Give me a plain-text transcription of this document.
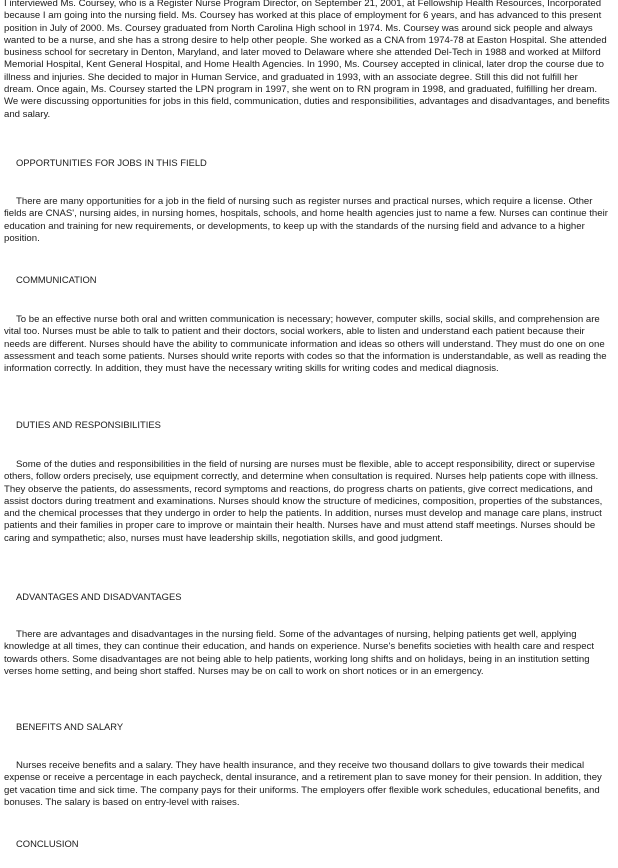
I interviewed Ms. Coursey, who is a Register Nurse Program Director, on September 21, 2001, at Fellowship Health Resources, Incorporated because I am going into the nursing field. Ms. Coursey has worked at this place of employment for 6 years, and has advanced to this present position in July of 2000. Ms. Coursey graduated from North Carolina High school in 1974. Ms. Coursey was around sick people and always wanted to be a nurse, and she has a strong desire to help other people. She worked as a CNA from 1974-78 at Easton Hospital. She attended business school for secretary in Denton, Maryland, and later moved to Delaware where she attended Del-Tech in 1988 and worked at Milford Memorial Hospital, Kent General Hospital, and Home Health Agencies. In 1990, Ms. Coursey accepted in clinical, later drop the course due to illness and injuries. She decided to major in Human Service, and graduated in 1993, with an associate degree. Still this did not fulfill her dream. Once again, Ms. Coursey started the LPN program in 1997, she went on to RN program in 1998, and graduated, fulfilling her dream. We were discussing opportunities for jobs in this field, communication, duties and responsibilities, advantages and disadvantages, and benefits and salary.

OPPORTUNITIES FOR JOBS IN THIS FIELD

There are many opportunities for a job in the field of nursing such as register nurses and practical nurses, which require a license. Other fields are CNAS', nursing aides, in nursing homes, hospitals, schools, and home health agencies just to name a few. Nurses can continue their education and training for new requirements, or developments, to keep up with the standards of the nursing field and advance to a higher position.

COMMUNICATION

To be an effective nurse both oral and written communication is necessary; however, computer skills, social skills, and comprehension are vital too. Nurses must be able to talk to patient and their doctors, social workers, able to listen and understand each patient because their needs are different. Nurses should have the ability to communicate information and ideas so others will understand. They must do one on one assessment and teach some patients. Nurses should write reports with codes so that the information is understandable, as well as reading the information correctly. In addition, they must have the necessary writing skills for writing codes and medical diagnosis.

DUTIES AND RESPONSIBILITIES

Some of the duties and responsibilities in the field of nursing are nurses must be flexible, able to accept responsibility, direct or supervise others, follow orders precisely, use equipment correctly, and determine when consultation is required. Nurses help patients cope with illness. They observe the patients, do assessments, record symptoms and reactions, do progress charts on patients, give correct medications, and assist doctors during treatment and examinations. Nurses should know the structure of medicines, composition, properties of the substances, and the chemical processes that they undergo in order to help the patients. In addition, nurses must develop and manage care plans, instruct patients and their families in proper care to improve or maintain their health. Nurses have and must attend staff meetings. Nurses should be caring and sympathetic; also, nurses must have leadership skills, negotiation skills, and good judgment.

ADVANTAGES AND DISADVANTAGES

There are advantages and disadvantages in the nursing field. Some of the advantages of nursing, helping patients get well, applying knowledge at all times, they can continue their education, and hands on experience. Nurse's benefits societies with health care and respect towards others. Some disadvantages are not being able to help patients, working long shifts and on holidays, being in an institution setting verses home setting, and being short staffed. Nurses may be on call to work on short notices or in an emergency.

BENEFITS AND SALARY

Nurses receive benefits and a salary. They have health insurance, and they receive two thousand dollars to give towards their medical expense or receive a percentage in each paycheck, dental insurance, and a retirement plan to save money for their pension. In addition, they get vacation time and sick time. The company pays for their uniforms. The employers offer flexible work schedules, educational benefits, and bonuses. The salary is based on entry-level with raises.

CONCLUSION
